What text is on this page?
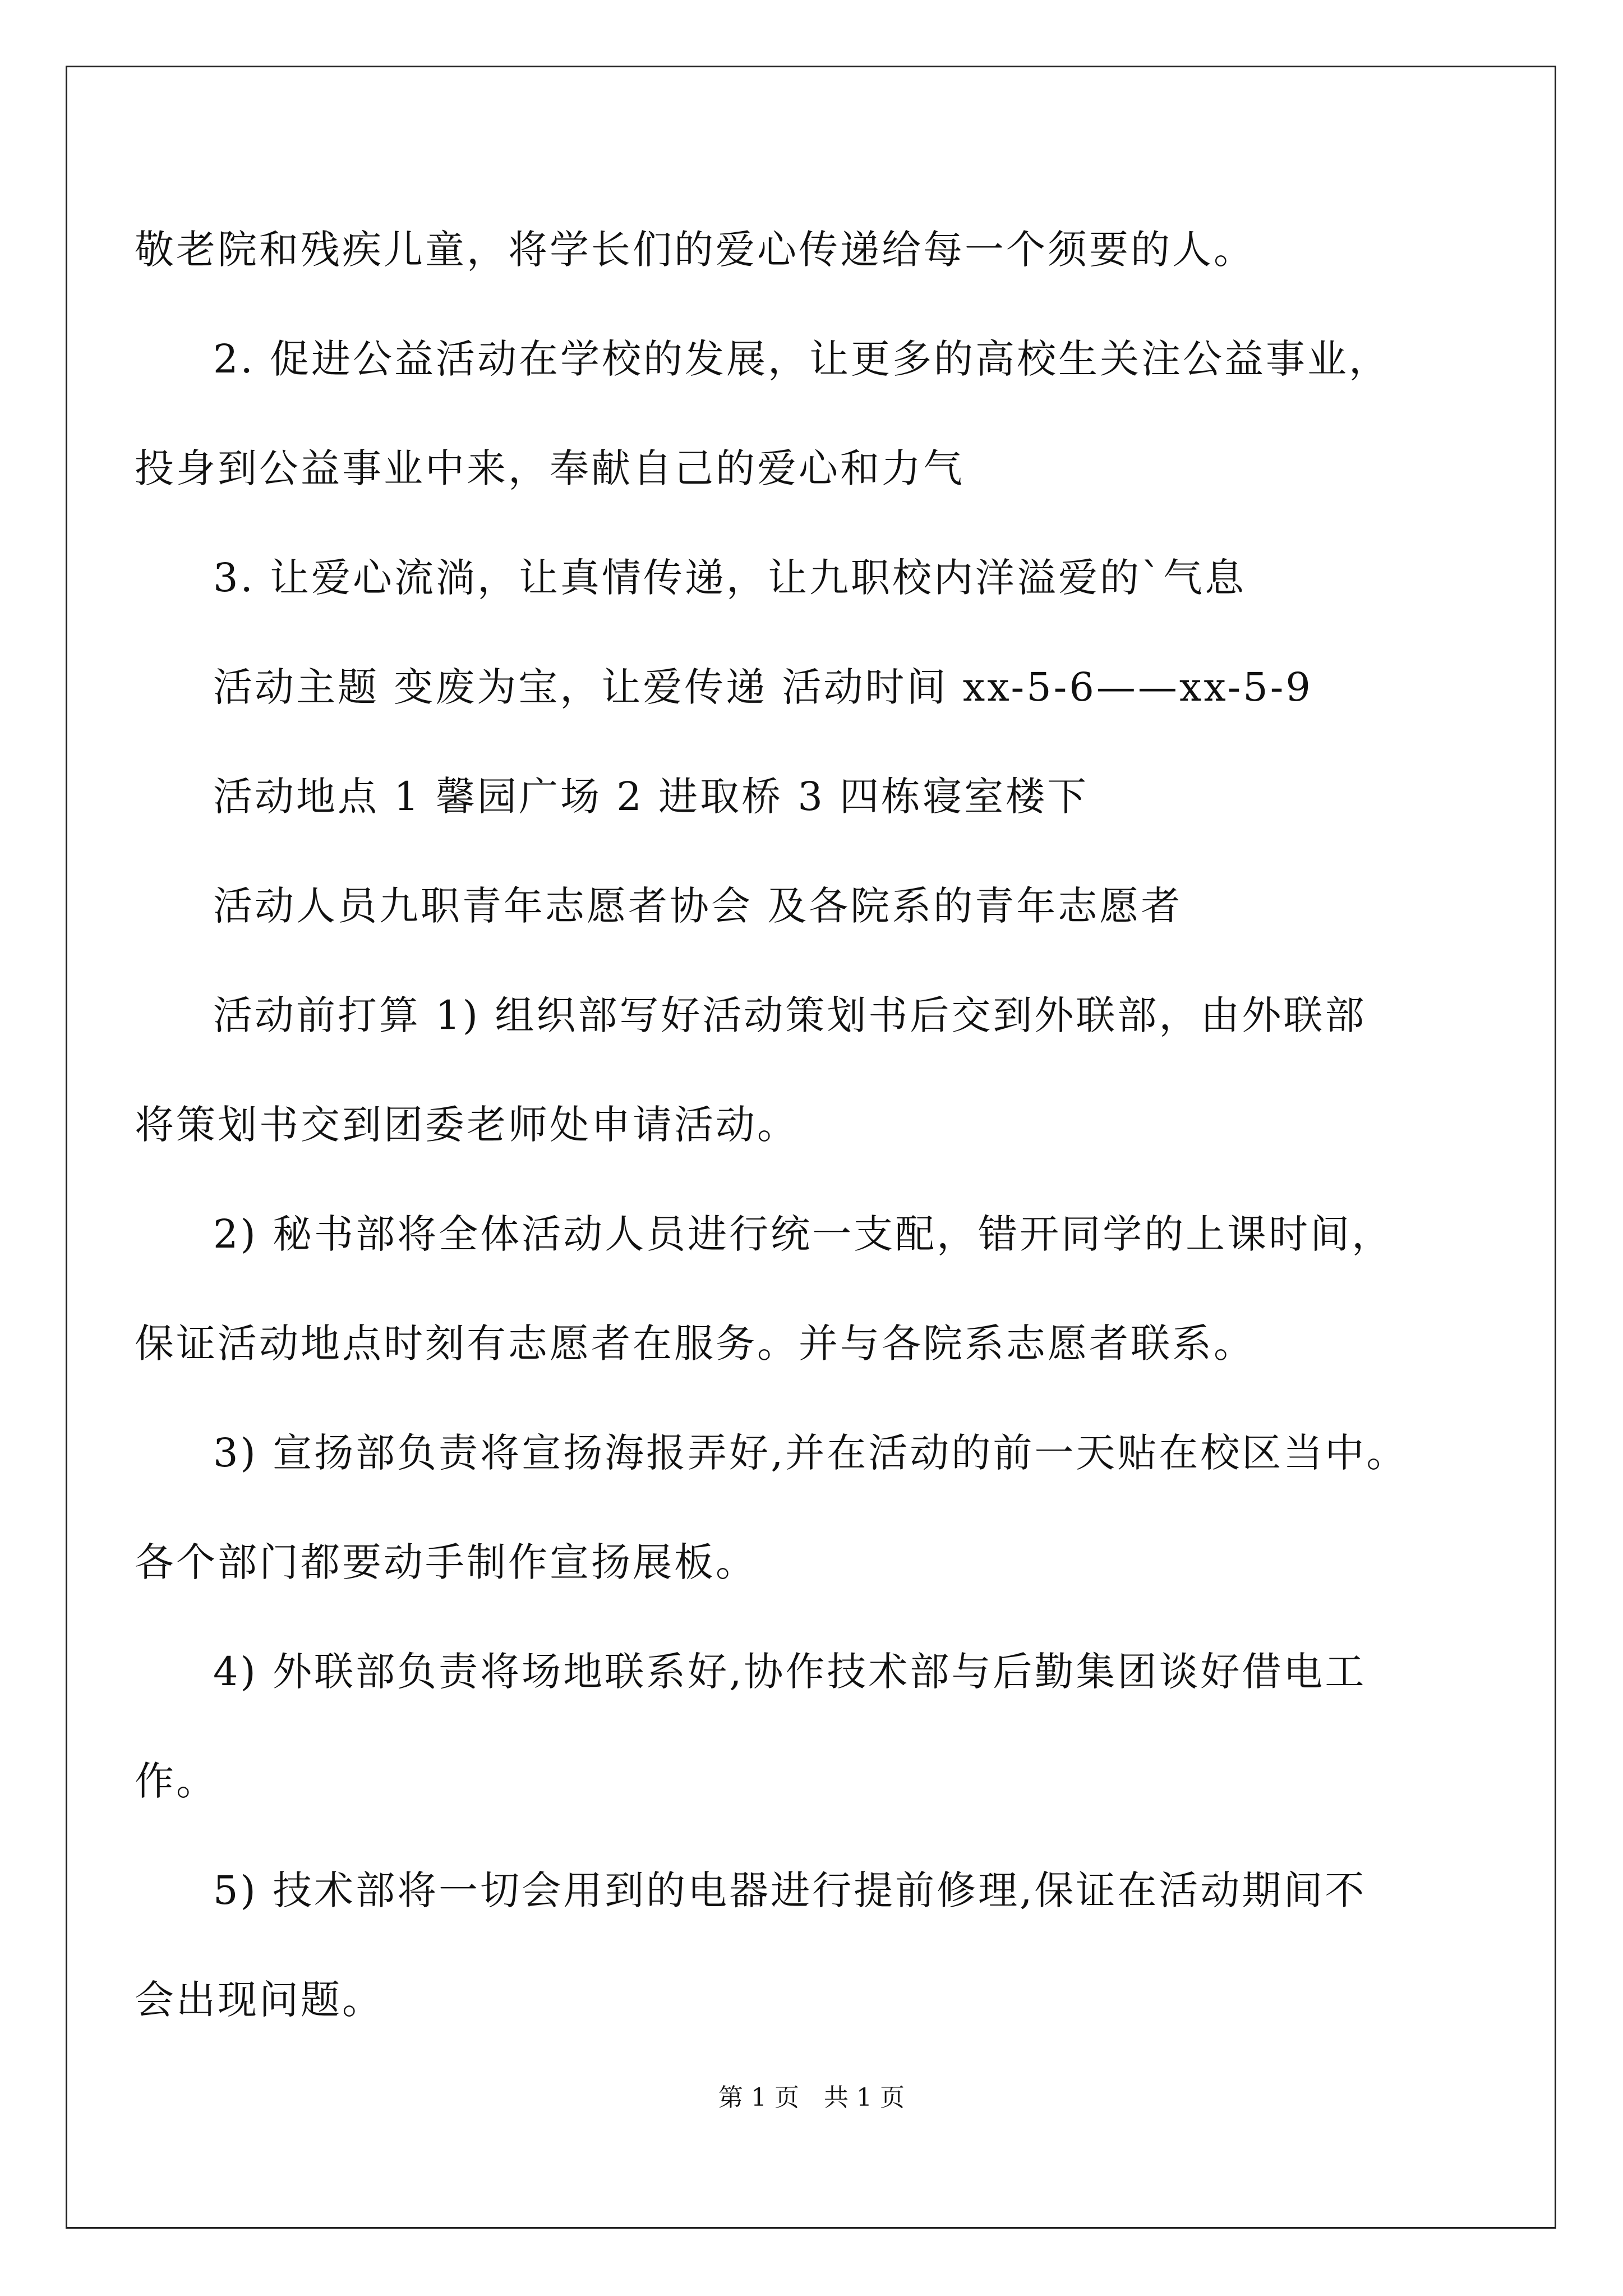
敬老院和残疾儿童，将学长们的爱心传递给每一个须要的人。
2. 促进公益活动在学校的发展，让更多的高校生关注公益事业，
投身到公益事业中来，奉献自己的爱心和力气
3. 让爱心流淌，让真情传递，让九职校内洋溢爱的`气息
活动主题 变废为宝，让爱传递 活动时间 xx-5-6——xx-5-9
活动地点 1 馨园广场 2 进取桥 3 四栋寝室楼下
活动人员九职青年志愿者协会 及各院系的青年志愿者
活动前打算 1) 组织部写好活动策划书后交到外联部，由外联部
将策划书交到团委老师处申请活动。
2) 秘书部将全体活动人员进行统一支配，错开同学的上课时间，
保证活动地点时刻有志愿者在服务。并与各院系志愿者联系。
3) 宣扬部负责将宣扬海报弄好,并在活动的前一天贴在校区当中。
各个部门都要动手制作宣扬展板。
4) 外联部负责将场地联系好,协作技术部与后勤集团谈好借电工
作。
5) 技术部将一切会用到的电器进行提前修理,保证在活动期间不
会出现问题。
第 1 页　共 1 页
